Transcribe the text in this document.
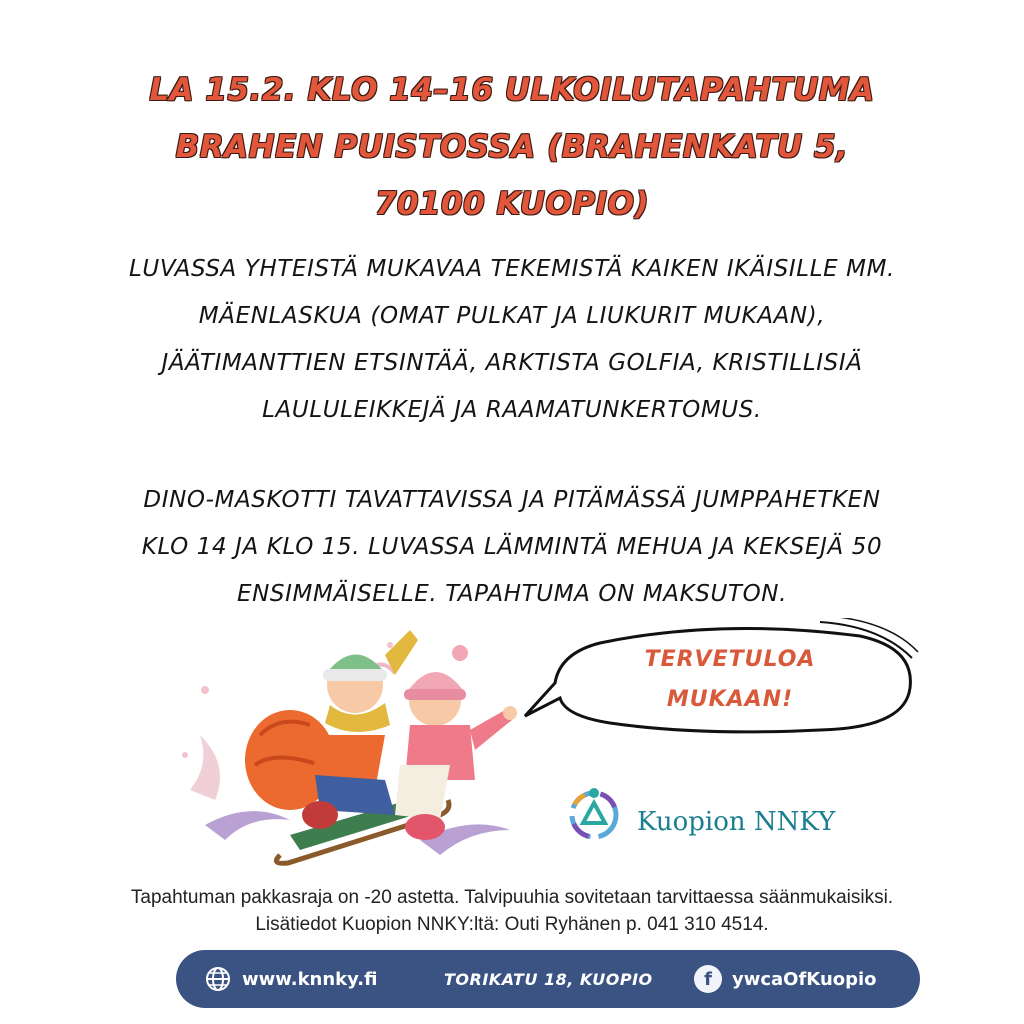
LA 15.2. KLO 14–16 ULKOILUTAPAHTUMA
BRAHEN PUISTOSSA (BRAHENKATU 5,
70100 KUOPIO)
LUVASSA YHTEISTÄ MUKAVAA TEKEMISTÄ KAIKEN IKÄISILLE MM.
MÄENLASKUA (OMAT PULKAT JA LIUKURIT MUKAAN),
JÄÄTIMANTTIEN ETSINTÄÄ, ARKTISTA GOLFIA, KRISTILLISIÄ
LAULULEIKKEJÄ JA RAAMATUNKERTOMUS.
DINO-MASKOTTI TAVATTAVISSA JA PITÄMÄSSÄ JUMPPAHETKEN
KLO 14 JA KLO 15. LUVASSA LÄMMINTÄ MEHUA JA KEKSEJÄ 50
ENSIMMÄISELLE. TAPAHTUMA ON MAKSUTON.
TERVETULOA
MUKAAN!
Kuopion NNKY
Tapahtuman pakkasraja on -20 astetta. Talvipuuhia sovitetaan tarvittaessa säänmukaisiksi.
Lisätiedot Kuopion NNKY:ltä: Outi Ryhänen p. 041 310 4514.
www.knnky.fi	TORIKATU 18, KUOPIO	f	ywcaOfKuopio
